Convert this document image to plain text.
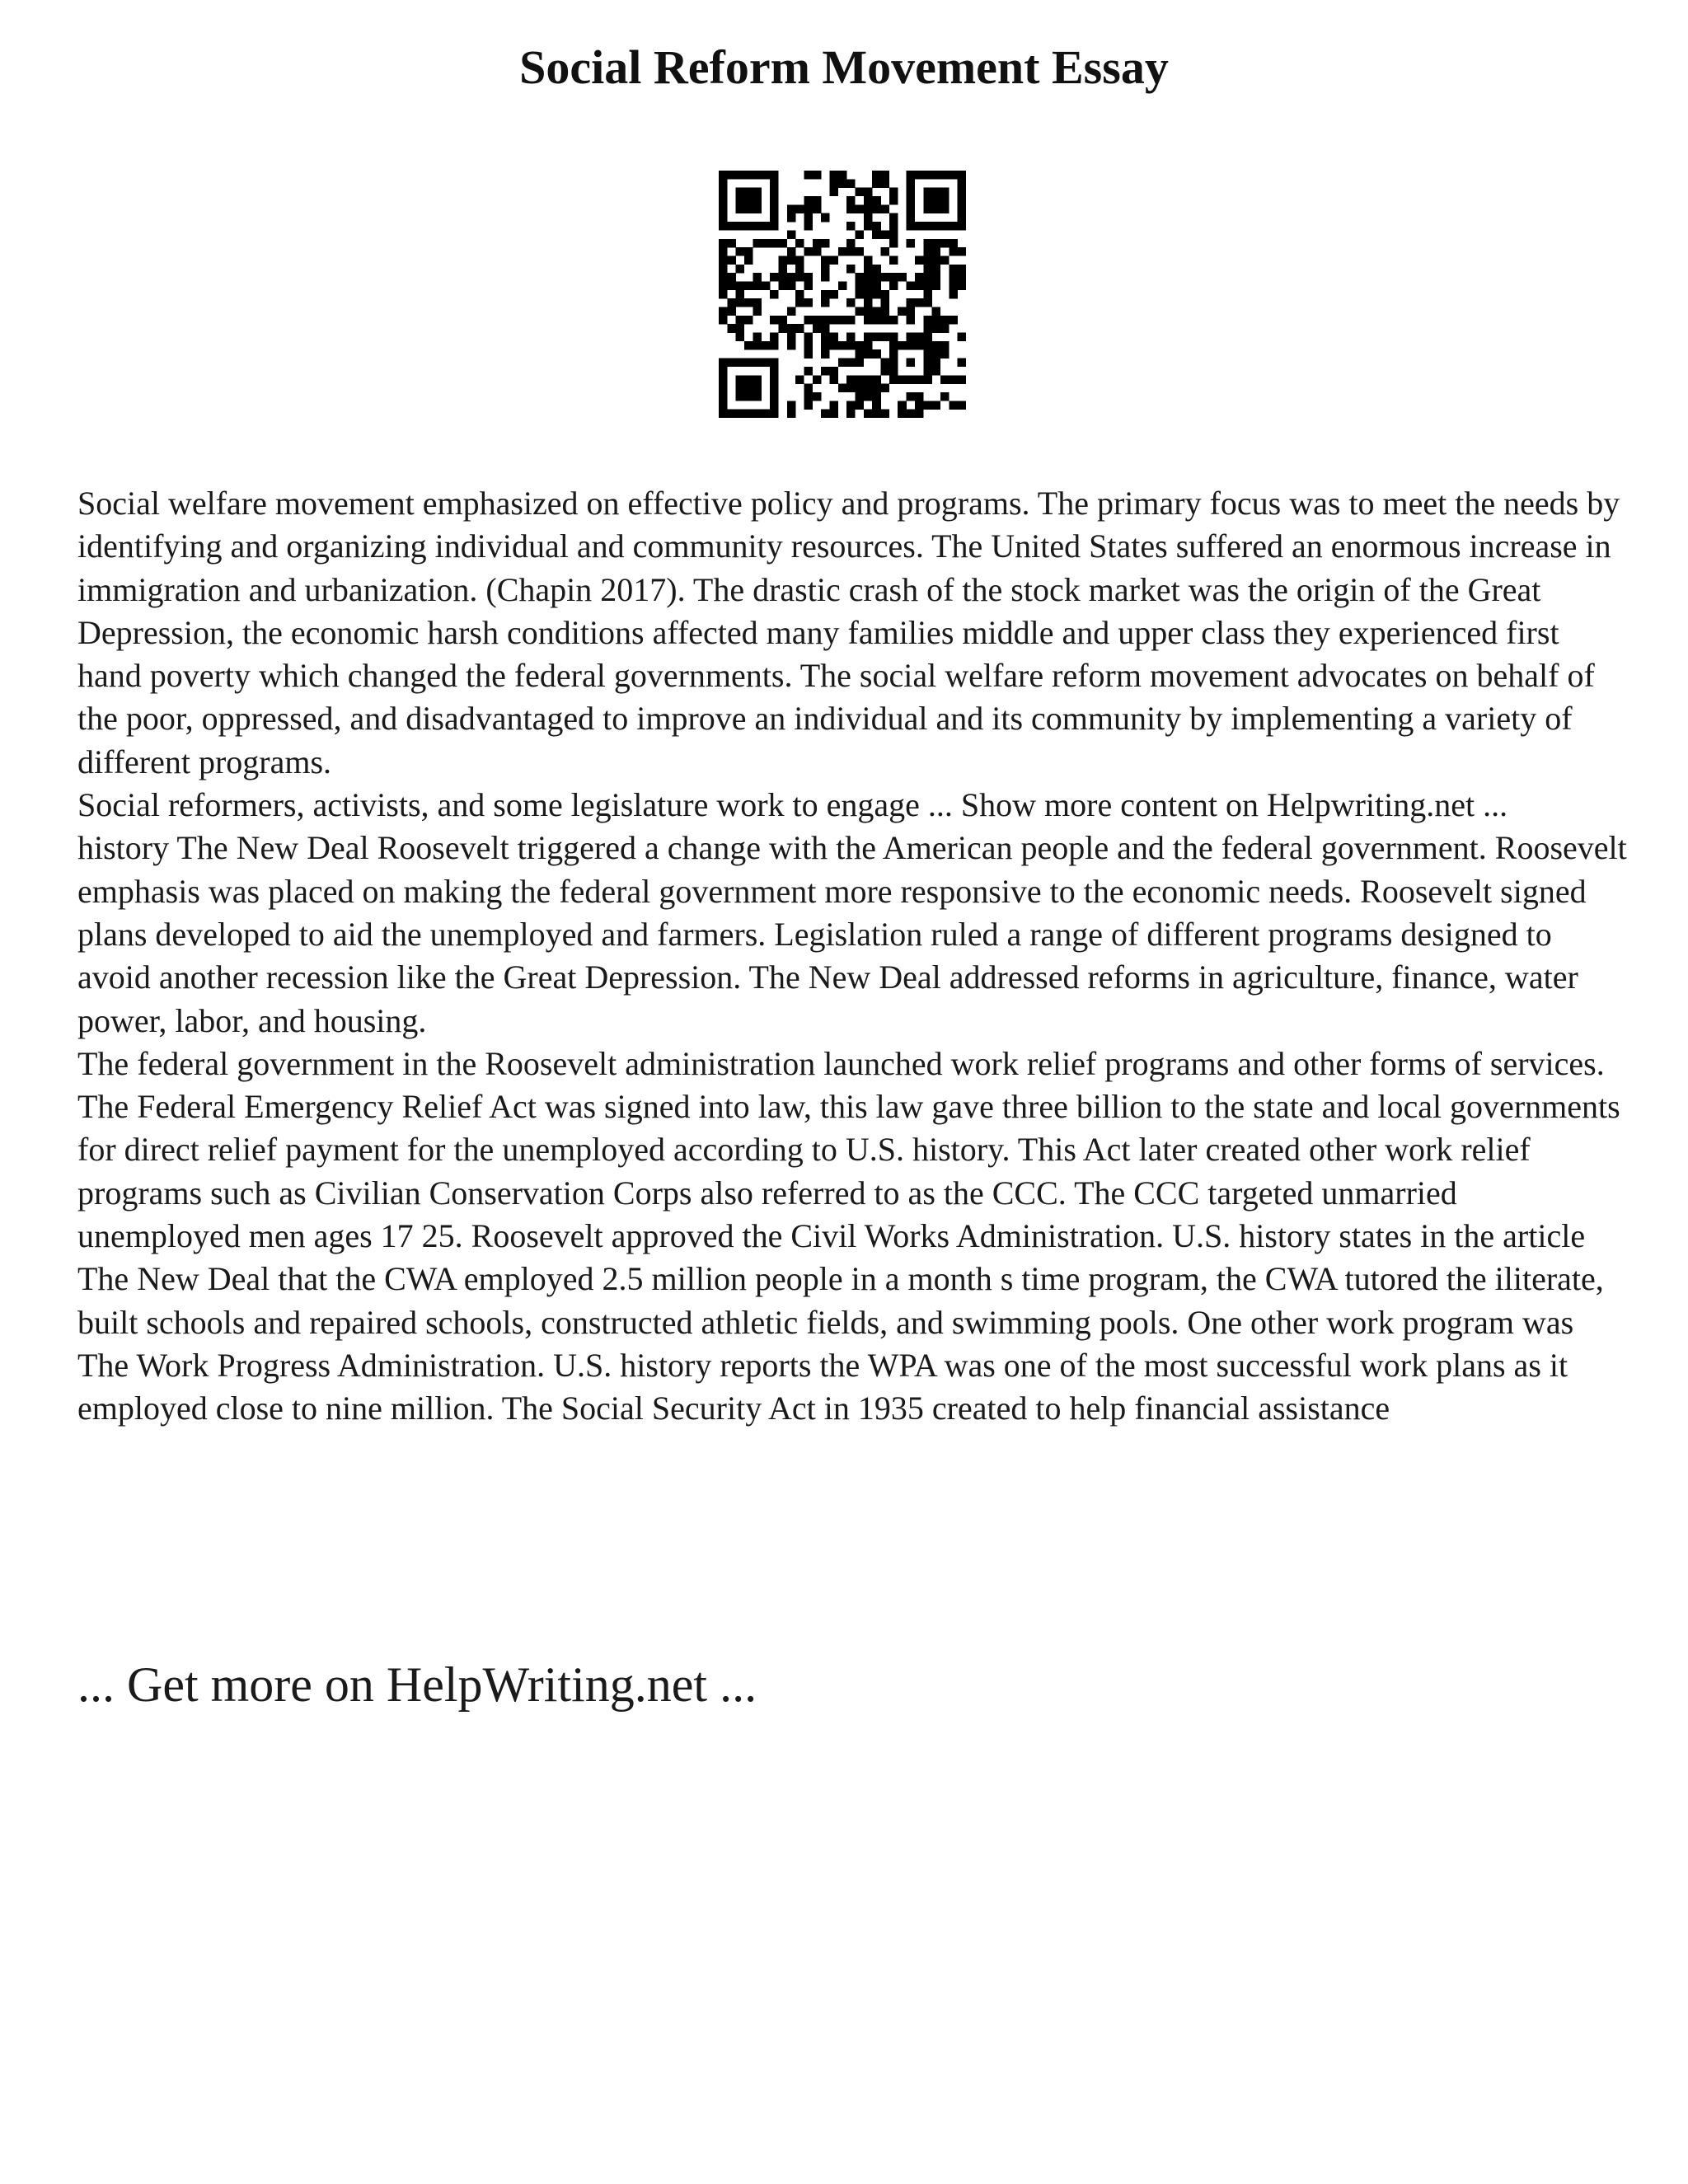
Social Reform Movement Essay

Social welfare movement emphasized on effective policy and programs. The primary focus was to meet the needs by identifying and organizing individual and community resources. The United States suffered an enormous increase in immigration and urbanization. (Chapin 2017). The drastic crash of the stock market was the origin of the Great Depression, the economic harsh conditions affected many families middle and upper class they experienced first hand poverty which changed the federal governments. The social welfare reform movement advocates on behalf of the poor, oppressed, and disadvantaged to improve an individual and its community by implementing a variety of different programs.

Social reformers, activists, and some legislature work to engage ... Show more content on Helpwriting.net ...

history The New Deal Roosevelt triggered a change with the American people and the federal government. Roosevelt emphasis was placed on making the federal government more responsive to the economic needs. Roosevelt signed plans developed to aid the unemployed and farmers. Legislation ruled a range of different programs designed to avoid another recession like the Great Depression. The New Deal addressed reforms in agriculture, finance, water power, labor, and housing.

The federal government in the Roosevelt administration launched work relief programs and other forms of services. The Federal Emergency Relief Act was signed into law, this law gave three billion to the state and local governments for direct relief payment for the unemployed according to U.S. history. This Act later created other work relief programs such as Civilian Conservation Corps also referred to as the CCC. The CCC targeted unmarried unemployed men ages 17 25. Roosevelt approved the Civil Works Administration. U.S. history states in the article The New Deal that the CWA employed 2.5 million people in a month s time program, the CWA tutored the iliterate, built schools and repaired schools, constructed athletic fields, and swimming pools. One other work program was The Work Progress Administration. U.S. history reports the WPA was one of the most successful work plans as it employed close to nine million. The Social Security Act in 1935 created to help financial assistance

... Get more on HelpWriting.net ...
